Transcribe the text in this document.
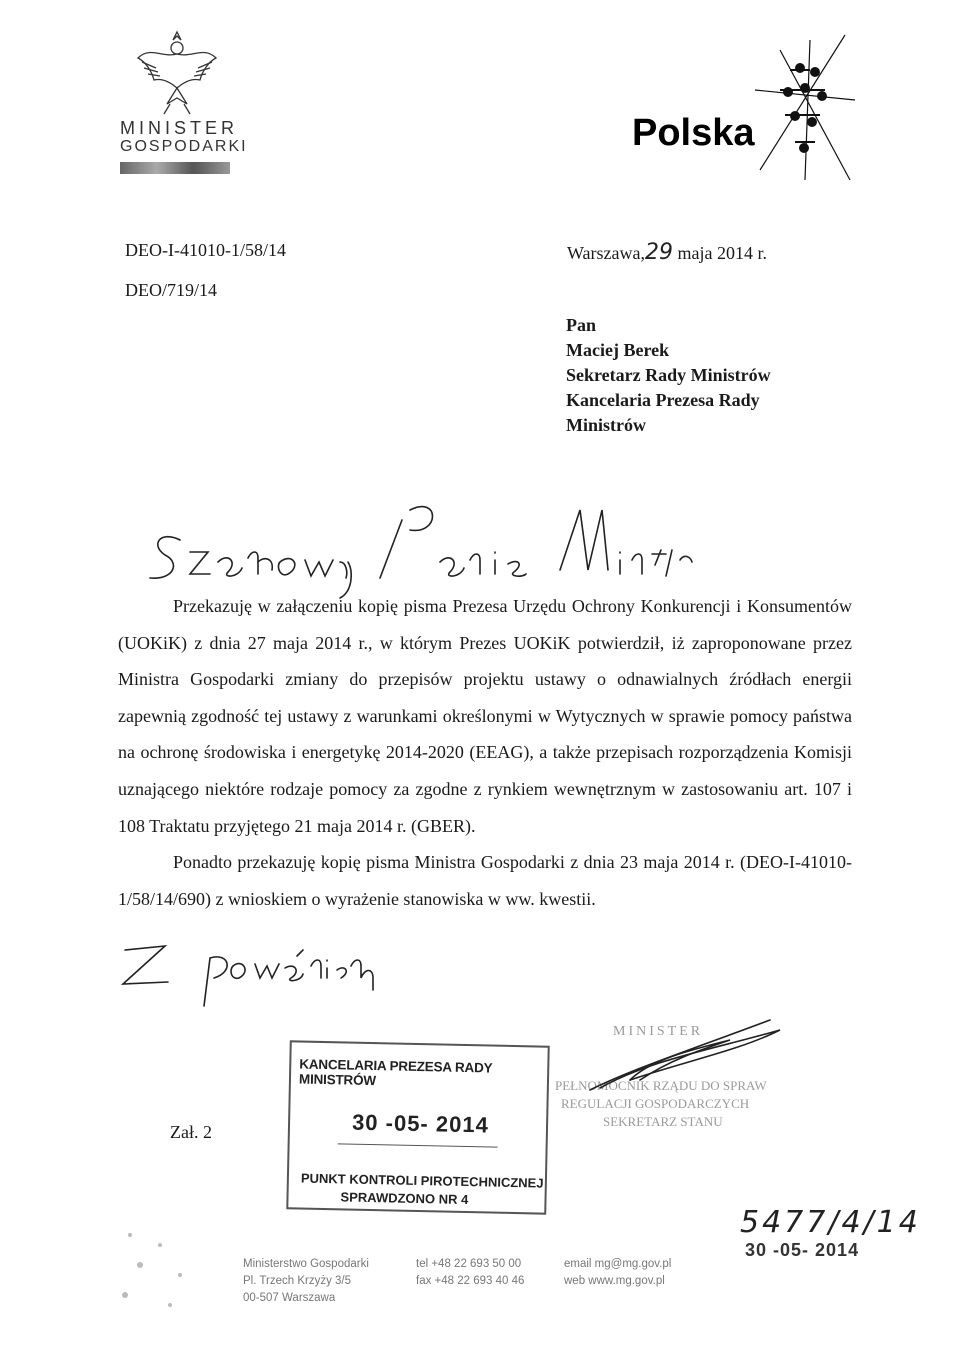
MINISTER
GOSPODARKI	Polska
DEO-I-41010-1/58/14
DEO/719/14
Warszawa,29 maja 2014 r.
Pan
Maciej Berek
Sekretarz Rady Ministrów
Kancelaria Prezesa Rady
Ministrów

Przekazuję w załączeniu kopię pisma Prezesa Urzędu Ochrony Konkurencji i Konsumentów (UOKiK) z dnia 27 maja 2014 r., w którym Prezes UOKiK potwierdził, iż zaproponowane przez Ministra Gospodarki zmiany do przepisów projektu ustawy o odnawialnych źródłach energii zapewnią zgodność tej ustawy z warunkami określonymi w Wytycznych w sprawie pomocy państwa na ochronę środowiska i energetykę 2014-2020 (EEAG), a także przepisach rozporządzenia Komisji uznającego niektóre rodzaje pomocy za zgodne z rynkiem wewnętrznym w zastosowaniu art. 107 i 108 Traktatu przyjętego 21 maja 2014 r. (GBER).

Ponadto przekazuję kopię pisma Ministra Gospodarki z dnia 23 maja 2014 r. (DEO-I-41010-1/58/14/690) z wnioskiem o wyrażenie stanowiska w ww. kwestii.

MINISTER
PEŁNOMOCNIK RZĄDU DO SPRAW
REGULACJI GOSPODARCZYCH
SEKRETARZ STANU
KANCELARIA PREZESA RADY MINISTRÓW
30 -05- 2014
PUNKT KONTROLI PIROTECHNICZNEJ
SPRAWDZONO NR 4
Zał. 2
5477/4/14
30 -05- 2014
Ministerstwo Gospodarki
Pl. Trzech Krzyży 3/5
00-507 Warszawa
tel +48 22 693 50 00
fax +48 22 693 40 46
email mg@mg.gov.pl
web www.mg.gov.pl
